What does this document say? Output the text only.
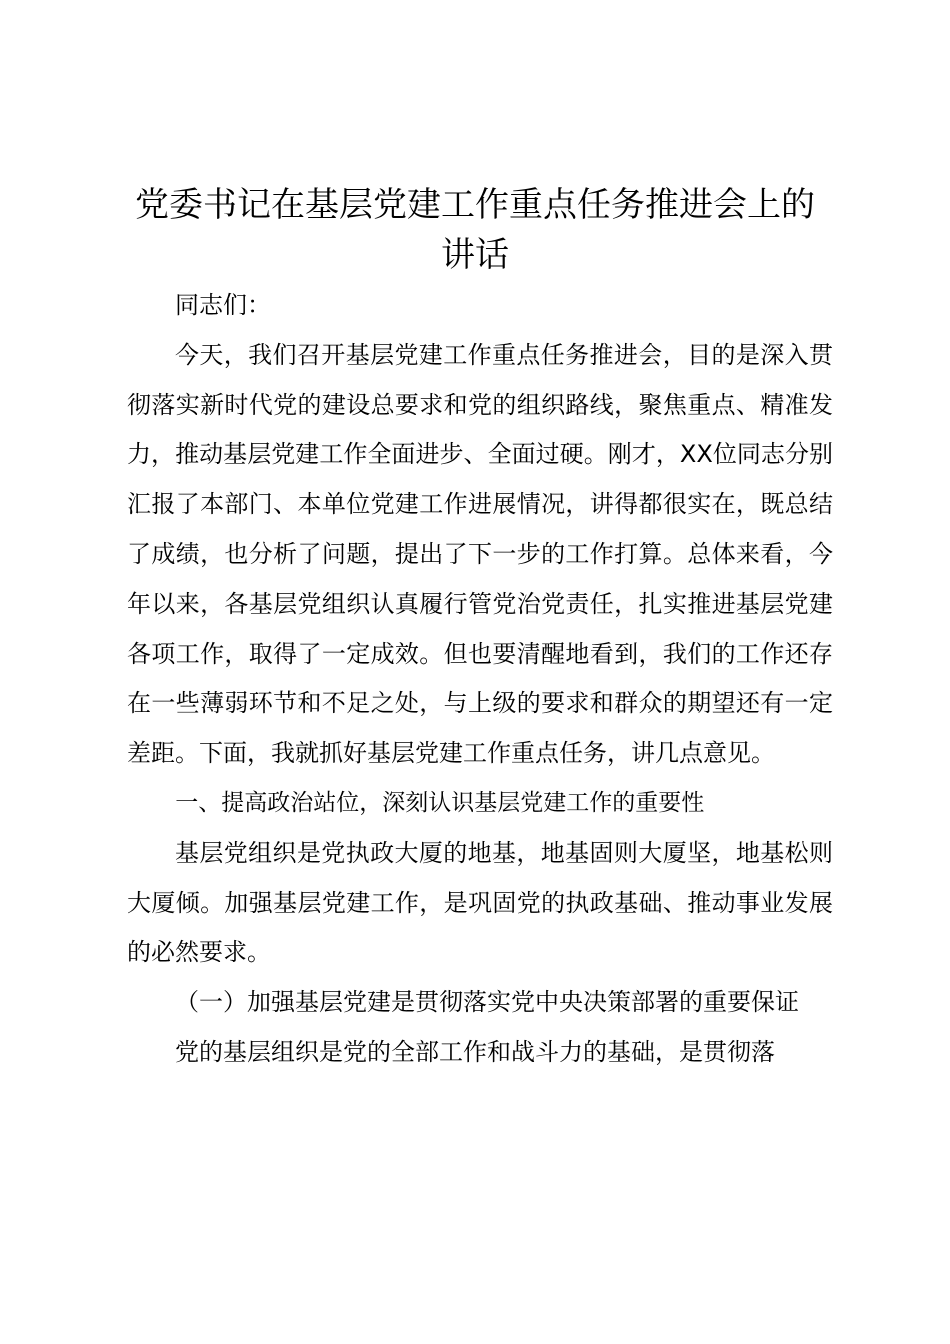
党委书记在基层党建工作重点任务推进会上的
讲话

同志们：

今天，我们召开基层党建工作重点任务推进会，目的是深入贯彻落实新时代党的建设总要求和党的组织路线，聚焦重点、精准发力，推动基层党建工作全面进步、全面过硬。刚才，XX位同志分别汇报了本部门、本单位党建工作进展情况，讲得都很实在，既总结了成绩，也分析了问题，提出了下一步的工作打算。总体来看，今年以来，各基层党组织认真履行管党治党责任，扎实推进基层党建各项工作，取得了一定成效。但也要清醒地看到，我们的工作还存在一些薄弱环节和不足之处，与上级的要求和群众的期望还有一定差距。下面，我就抓好基层党建工作重点任务，讲几点意见。

一、提高政治站位，深刻认识基层党建工作的重要性

基层党组织是党执政大厦的地基，地基固则大厦坚，地基松则大厦倾。加强基层党建工作，是巩固党的执政基础、推动事业发展的必然要求。

（一）加强基层党建是贯彻落实党中央决策部署的重要保证

党的基层组织是党的全部工作和战斗力的基础，是贯彻落
